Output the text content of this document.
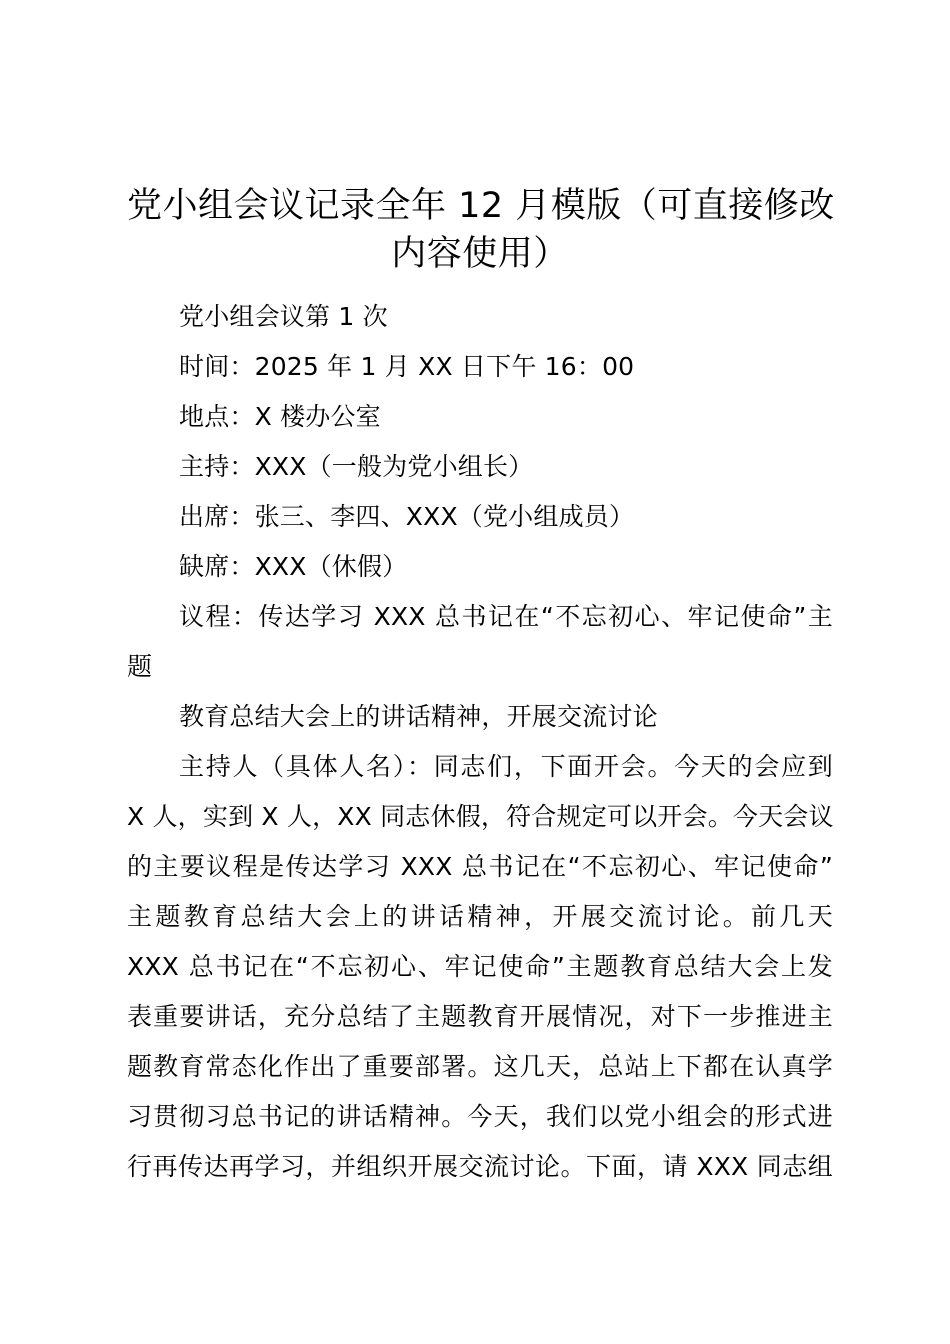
党小组会议记录全年 12 月模版（可直接修改
内容使用）
党小组会议第 1 次
时间：2025 年 1 月 XX 日下午 16：00
地点：X 楼办公室
主持：XXX（一般为党小组长）
出席：张三、李四、XXX（党小组成员）
缺席：XXX（休假）
议程：传达学习 XXX 总书记在“不忘初心、牢记使命”主
题
教育总结大会上的讲话精神，开展交流讨论
主持人（具体人名）：同志们，下面开会。今天的会应到
X 人，实到 X 人，XX 同志休假，符合规定可以开会。今天会议
的主要议程是传达学习 XXX 总书记在“不忘初心、牢记使命”
主题教育总结大会上的讲话精神，开展交流讨论。前几天
XXX 总书记在“不忘初心、牢记使命”主题教育总结大会上发
表重要讲话，充分总结了主题教育开展情况，对下一步推进主
题教育常态化作出了重要部署。这几天，总站上下都在认真学
习贯彻习总书记的讲话精神。今天，我们以党小组会的形式进
行再传达再学习，并组织开展交流讨论。下面，请 XXX 同志组
